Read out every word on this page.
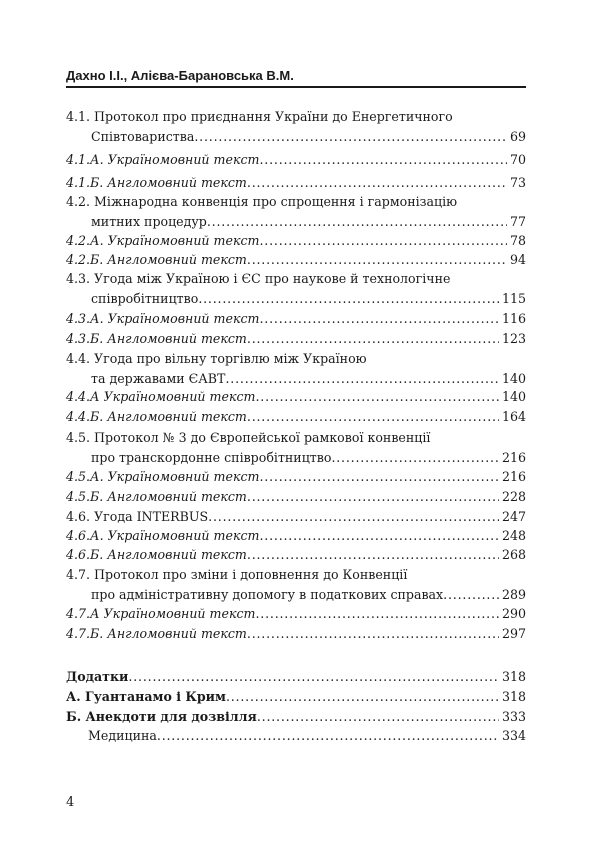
Дахно І.І., Алієва-Барановська В.М.
4.1. Протокол про приєднання України до Енергетичного
Співтовариства . . .	69
4.1.А. Україномовний текст . . .	70
4.1.Б. Англомовний текст . . .	73
4.2. Міжнародна конвенція про спрощення і гармонізацію
митних процедур . . .	77
4.2.А. Україномовний текст . . .	78
4.2.Б. Англомовний текст . . .	94
4.3. Угода між Україною і ЄС про наукове й технологічне
співробітництво . . .	115
4.3.А. Україномовний текст . . .	116
4.3.Б. Англомовний текст . . .	123
4.4. Угода про вільну торгівлю між Україною
та державами ЄАВТ . . .	140
4.4.А Україномовний текст . . .	140
4.4.Б. Англомовний текст . . .	164
4.5. Протокол № 3 до Європейської рамкової конвенції
про транскордонне співробітництво . . .	216
4.5.А. Україномовний текст . . .	216
4.5.Б. Англомовний текст . . .	228
4.6. Угода INTERBUS . . .	247
4.6.А. Україномовний текст . . .	248
4.6.Б. Англомовний текст . . .	268
4.7. Протокол про зміни і доповнення до Конвенції
про адміністративну допомогу в податкових справах . . .	289
4.7.А Україномовний текст . . .	290
4.7.Б. Англомовний текст . . .	297
Додатки . . .	318
А. Гуантанамо і Крим . . .	318
Б. Анекдоти для дозвілля . . .	333
Медицина . . .	334
4
